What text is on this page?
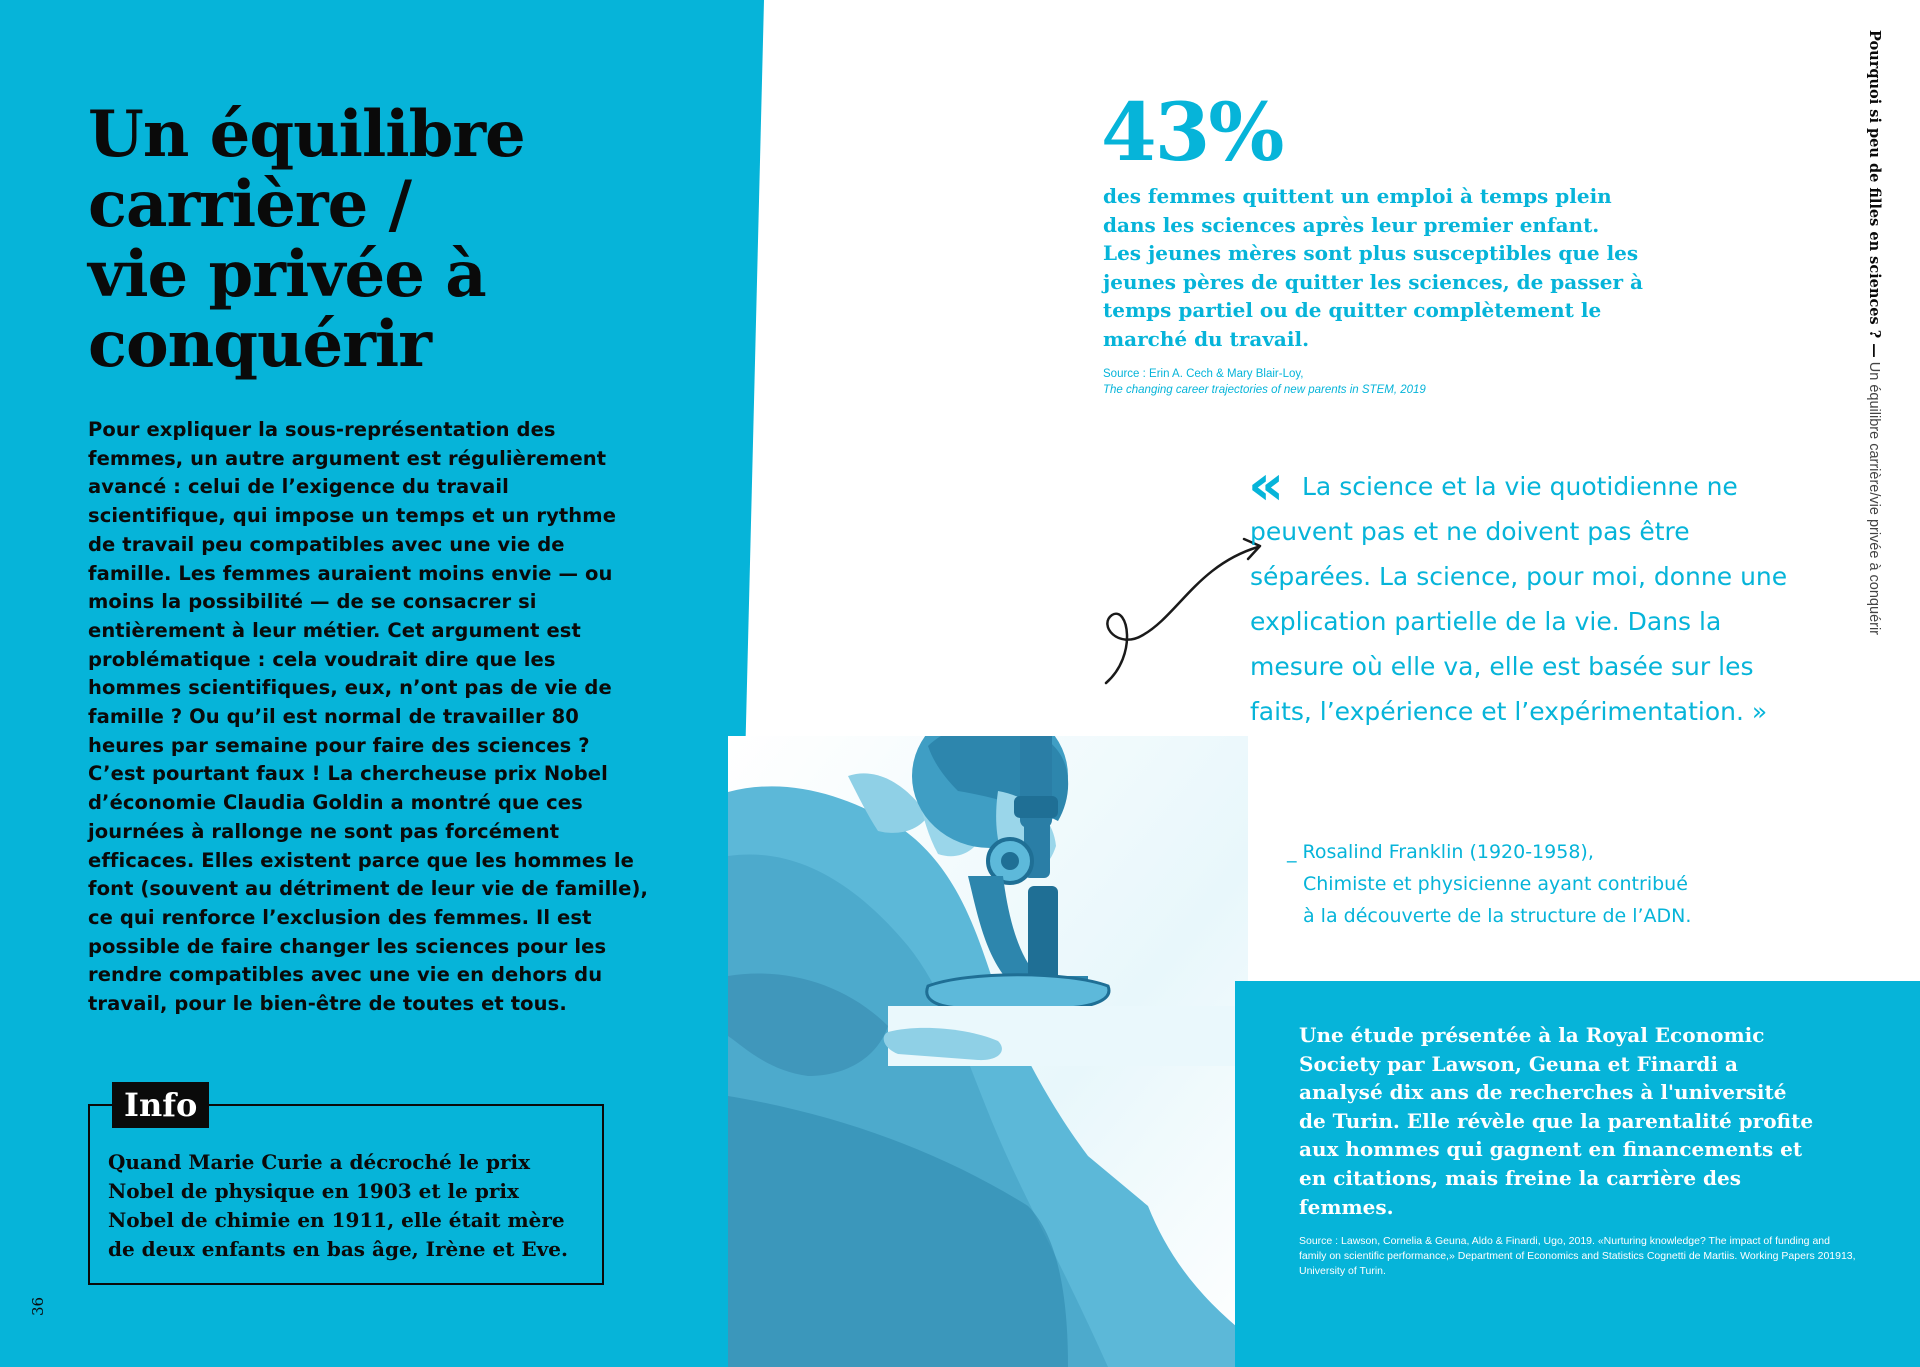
Un équilibre
carrière /
vie privée à
conquérir

Pour expliquer la sous-représentation des femmes, un autre argument est régulièrement avancé : celui de l’exigence du travail scientifique, qui impose un temps et un rythme de travail peu compatibles avec une vie de famille. Les femmes auraient moins envie — ou moins la possibilité — de se consacrer si entièrement à leur métier. Cet argument est problématique : cela voudrait dire que les hommes scientifiques, eux, n’ont pas de vie de famille ? Ou qu’il est normal de travailler 80 heures par semaine pour faire des sciences ? C’est pourtant faux ! La chercheuse prix Nobel d’économie Claudia Goldin a montré que ces journées à rallonge ne sont pas forcément efficaces. Elles existent parce que les hommes le font (souvent au détriment de leur vie de famille), ce qui renforce l’exclusion des femmes. Il est possible de faire changer les sciences pour les rendre compatibles avec une vie en dehors du travail, pour le bien-être de toutes et tous.

Info

Quand Marie Curie a décroché le prix Nobel de physique en 1903 et le prix Nobel de chimie en 1911, elle était mère de deux enfants en bas âge, Irène et Eve.

36
43%

des femmes quittent un emploi à temps plein dans les sciences après leur premier enfant. Les jeunes mères sont plus susceptibles que les jeunes pères de quitter les sciences, de passer à temps partiel ou de quitter complètement le marché du travail.

Source : Erin A. Cech & Mary Blair-Loy,
The changing career trajectories of new parents in STEM, 2019

« La science et la vie quotidienne ne peuvent pas et ne doivent pas être séparées. La science, pour moi, donne une explication partielle de la vie. Dans la mesure où elle va, elle est basée sur les faits, l’expérience et l’expérimentation. »

_ Rosalind Franklin (1920-1958),
Chimiste et physicienne ayant contribué
à la découverte de la structure de l’ADN.

Une étude présentée à la Royal Economic Society par Lawson, Geuna et Finardi a analysé dix ans de recherches à l'université de Turin. Elle révèle que la parentalité profite aux hommes qui gagnent en financements et en citations, mais freine la carrière des femmes.

Source : Lawson, Cornelia & Geuna, Aldo & Finardi, Ugo, 2019. «Nurturing knowledge? The impact of funding and family on scientific performance,» Department of Economics and Statistics Cognetti de Martiis. Working Papers 201913, University of Turin.

Pourquoi si peu de filles en sciences ? — Un équilibre carrière/vie privée à conquérir
